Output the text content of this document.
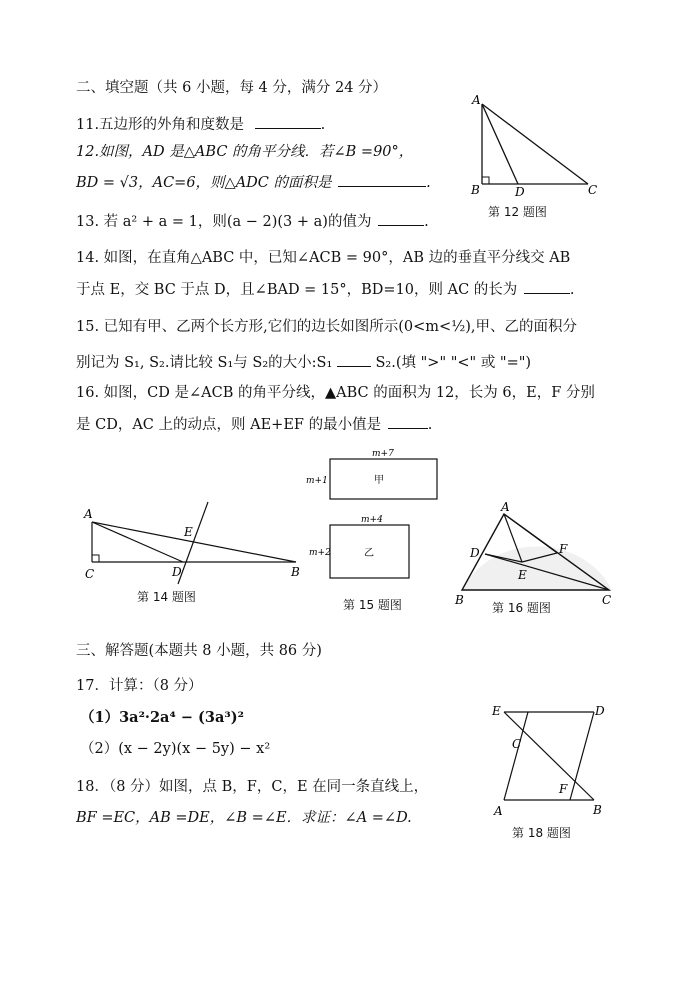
二、填空题（共 6 小题，每 4 分，满分 24 分）
11.五边形的外角和度数是	.
12.如图，AD 是△ABC 的角平分线．若∠B =90°，
BD = √3，AC=6，则△ADC 的面积是	.
13. 若 a² + a = 1，则(a − 2)(3 + a)的值为	.
14. 如图，在直角△ABC 中，已知∠ACB = 90°，AB 边的垂直平分线交 AB
于点 E，交 BC 于点 D，且∠BAD = 15°，BD=10，则 AC 的长为	.
15. 已知有甲、乙两个长方形,它们的边长如图所示(0<m<½),甲、乙的面积分
别记为 S₁, S₂.请比较 S₁与 S₂的大小:S₁	S₂.(填 ">" "<" 或 "=")
16. 如图，CD 是∠ACB 的角平分线，▲ABC 的面积为 12，长为 6，E，F 分别
是 CD，AC 上的动点，则 AE+EF 的最小值是	.
A
B	D	C
第 12 题图
A
C
E
D	B
第 14 题图
m+7
m+1	甲
m+4
m+2	乙
第 15 题图
A
D	F
E
B	C
第 16 题图
三、解答题(本题共 8 小题，共 86 分)
17．计算：（8 分）
（1）3a²·2a⁴ − (3a³)²
（2）(x − 2y)(x − 5y) − x²
18．（8 分）如图，点 B，F，C，E 在同一条直线上，
BF =EC，AB =DE，∠B =∠E．求证：∠A =∠D.
E	D
C
F
A	B
第 18 题图
